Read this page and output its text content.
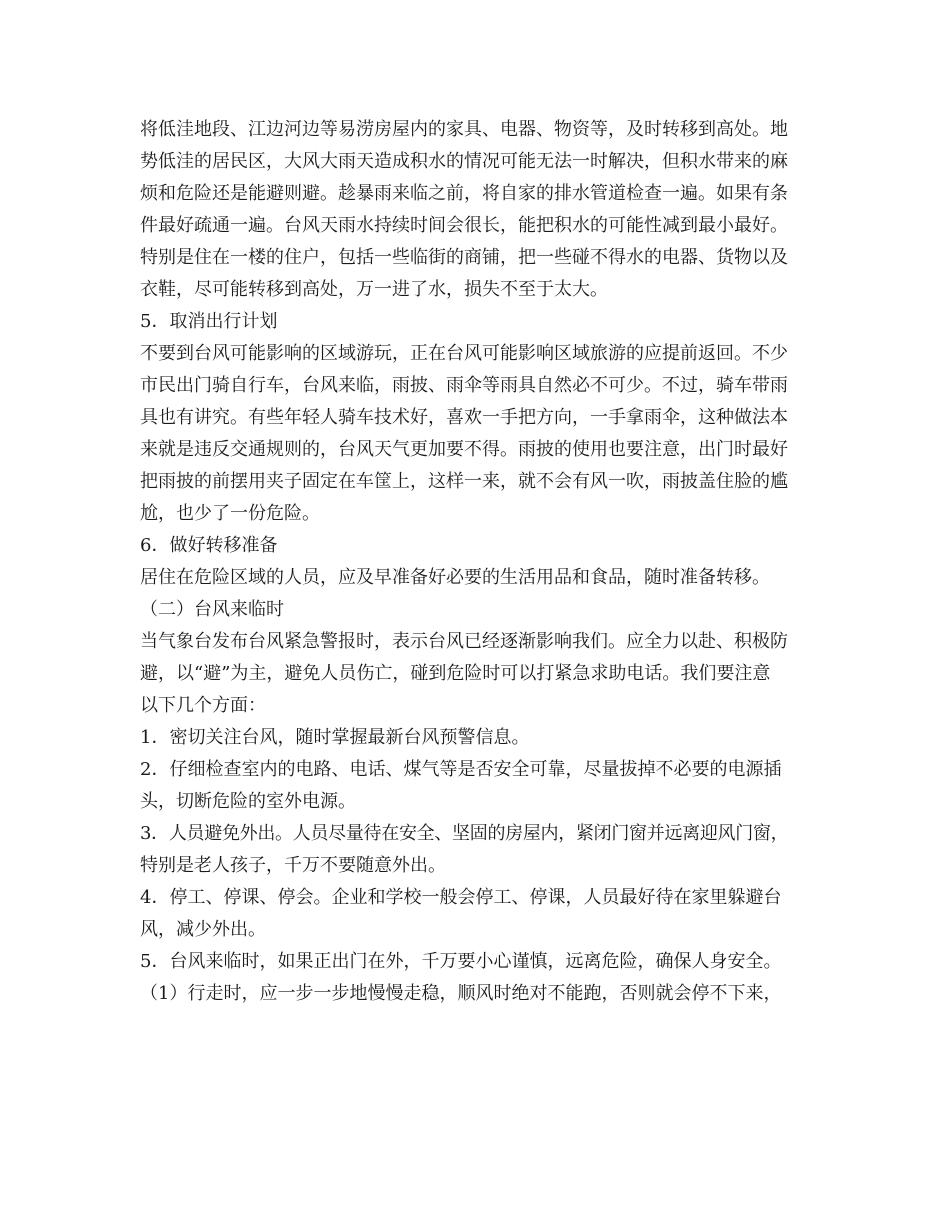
将低洼地段、江边河边等易涝房屋内的家具、电器、物资等，及时转移到高处。地
势低洼的居民区，大风大雨天造成积水的情况可能无法一时解决，但积水带来的麻
烦和危险还是能避则避。趁暴雨来临之前，将自家的排水管道检查一遍。如果有条
件最好疏通一遍。台风天雨水持续时间会很长，能把积水的可能性减到最小最好。
特别是住在一楼的住户，包括一些临街的商铺，把一些碰不得水的电器、货物以及
衣鞋，尽可能转移到高处，万一进了水，损失不至于太大。
5．取消出行计划
不要到台风可能影响的区域游玩，正在台风可能影响区域旅游的应提前返回。不少
市民出门骑自行车，台风来临，雨披、雨伞等雨具自然必不可少。不过，骑车带雨
具也有讲究。有些年轻人骑车技术好，喜欢一手把方向，一手拿雨伞，这种做法本
来就是违反交通规则的，台风天气更加要不得。雨披的使用也要注意，出门时最好
把雨披的前摆用夹子固定在车筐上，这样一来，就不会有风一吹，雨披盖住脸的尴
尬，也少了一份危险。
6．做好转移准备
居住在危险区域的人员，应及早准备好必要的生活用品和食品，随时准备转移。
（二）台风来临时
当气象台发布台风紧急警报时，表示台风已经逐渐影响我们。应全力以赴、积极防
避，以“避”为主，避免人员伤亡，碰到危险时可以打紧急求助电话。我们要注意
以下几个方面：
1．密切关注台风，随时掌握最新台风预警信息。
2．仔细检查室内的电路、电话、煤气等是否安全可靠，尽量拔掉不必要的电源插
头，切断危险的室外电源。
3．人员避免外出。人员尽量待在安全、坚固的房屋内，紧闭门窗并远离迎风门窗，
特别是老人孩子，千万不要随意外出。
4．停工、停课、停会。企业和学校一般会停工、停课，人员最好待在家里躲避台
风，减少外出。
5．台风来临时，如果正出门在外，千万要小心谨慎，远离危险，确保人身安全。
（1）行走时，应一步一步地慢慢走稳，顺风时绝对不能跑，否则就会停不下来，
